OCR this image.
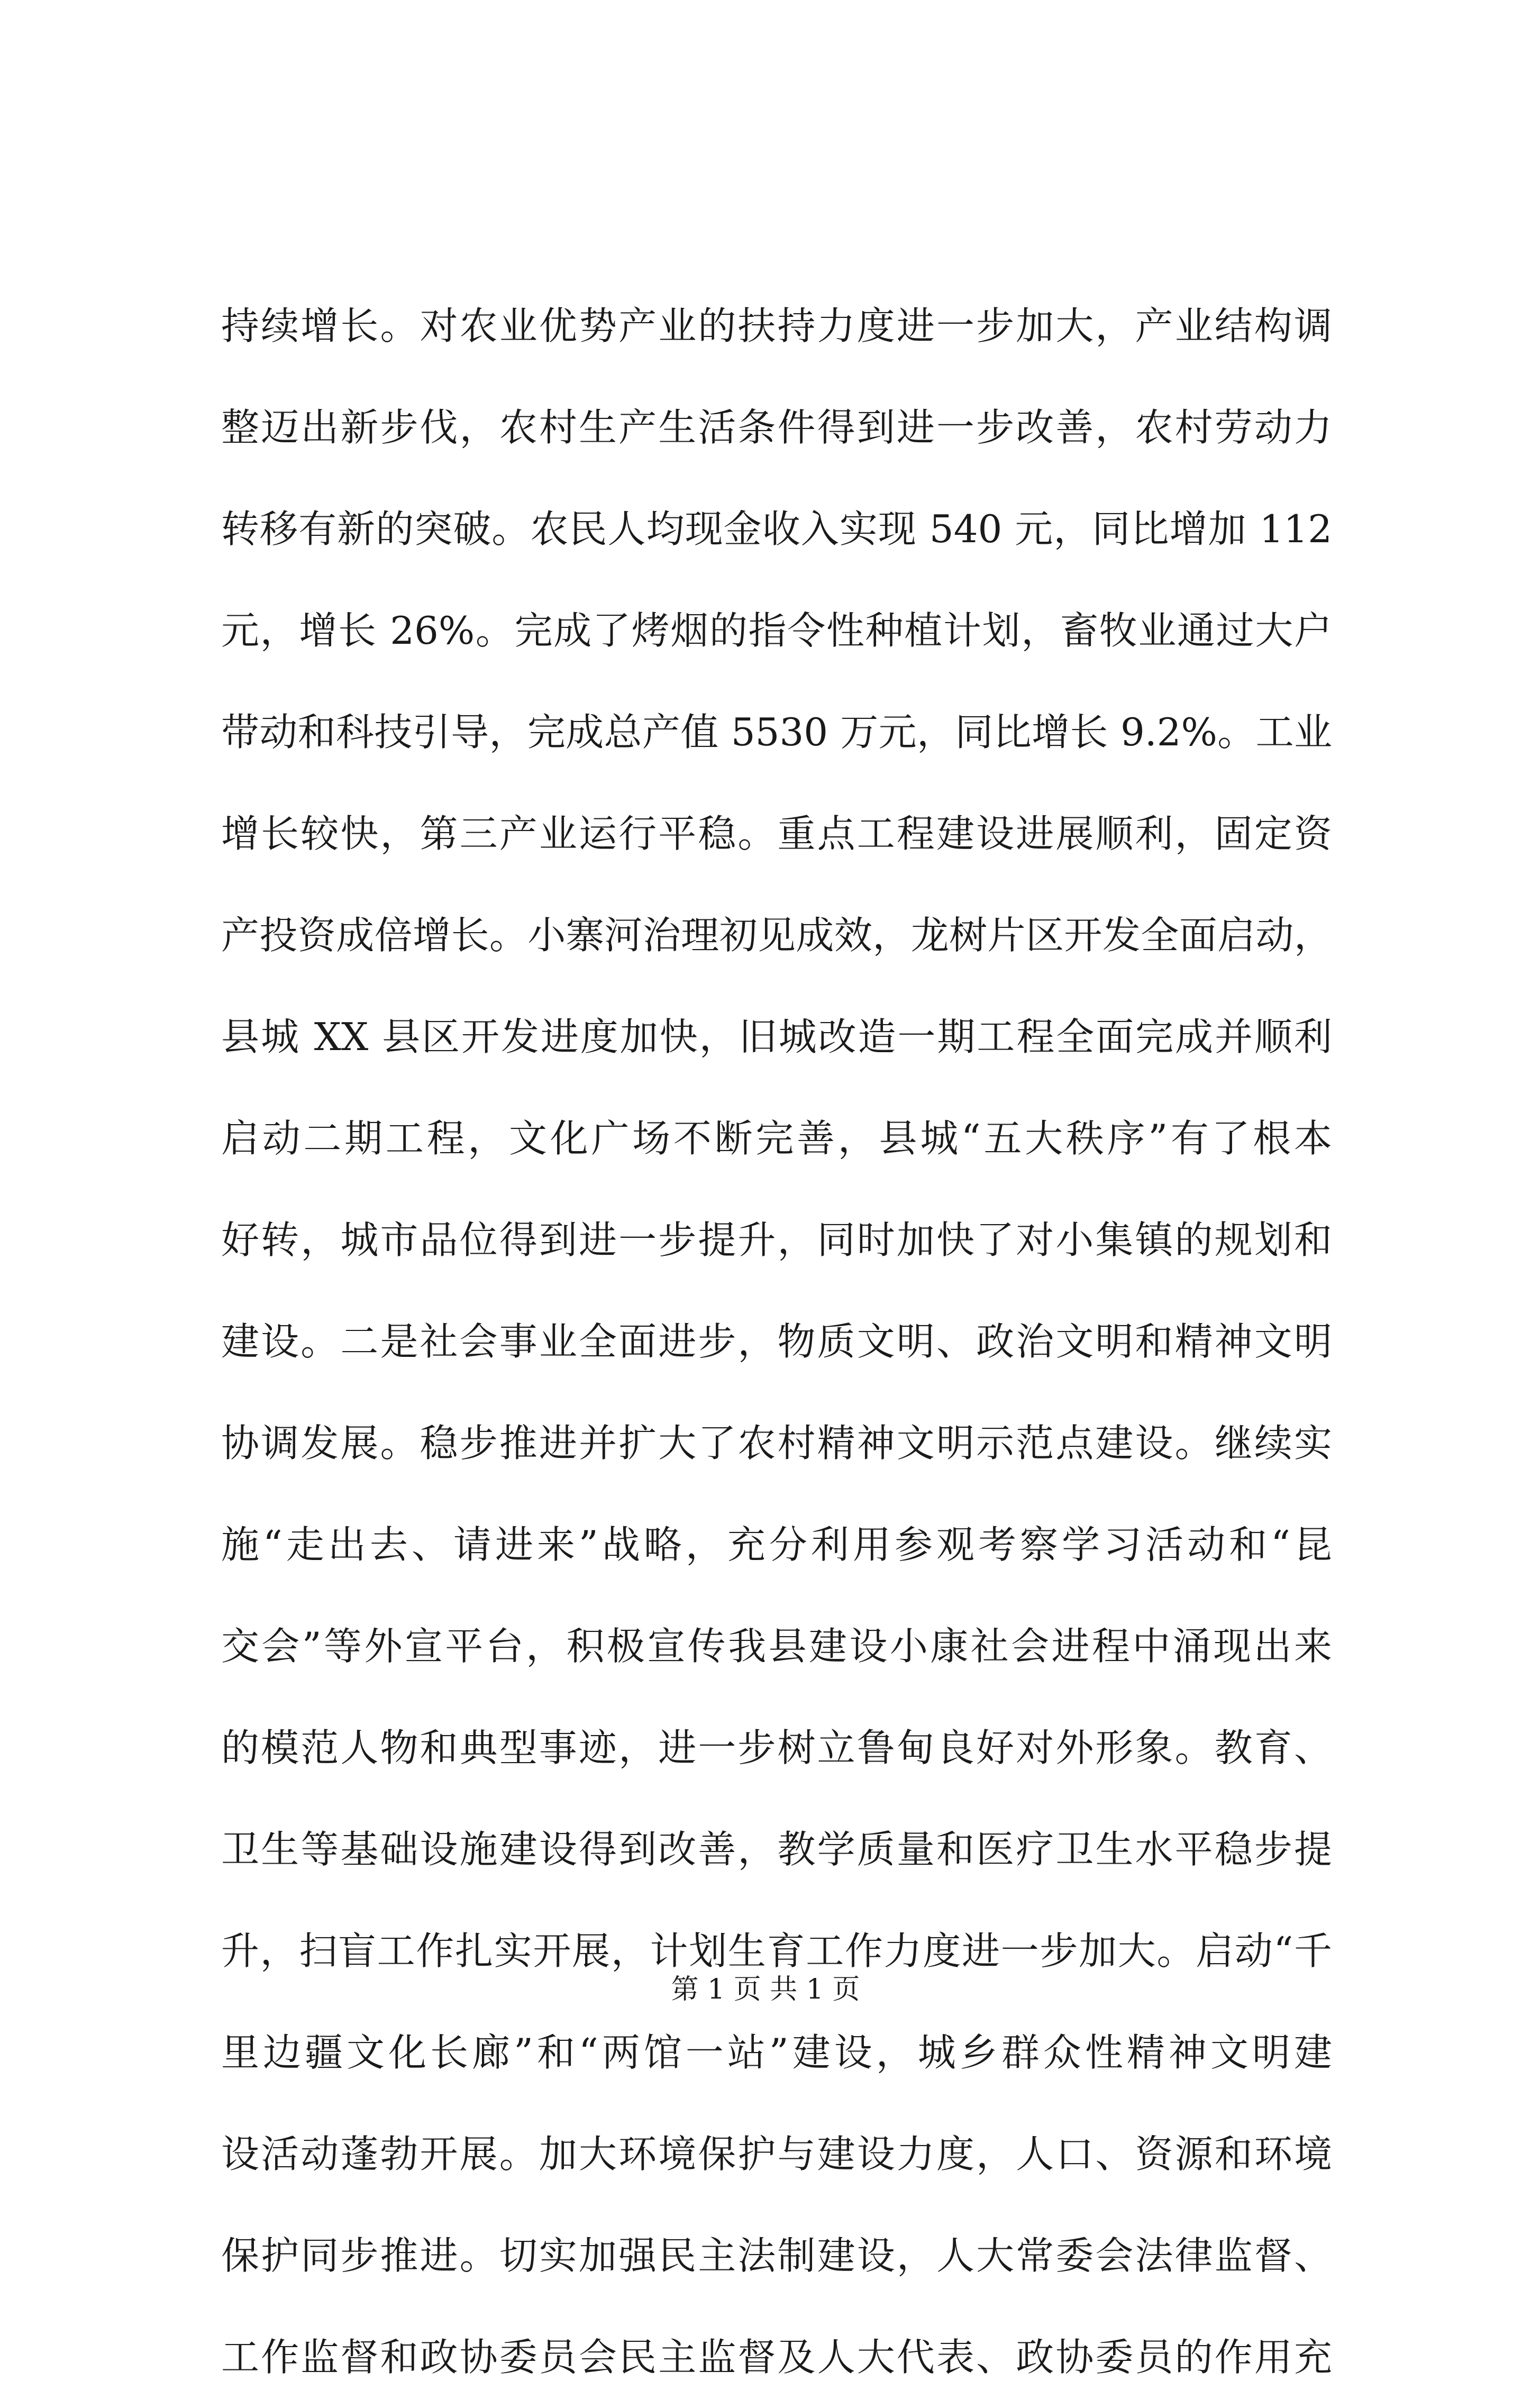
持续增长。对农业优势产业的扶持力度进一步加大，产业结构调
整迈出新步伐，农村生产生活条件得到进一步改善，农村劳动力
转移有新的突破。农民人均现金收入实现 540 元，同比增加 112
元，增长 26%。完成了烤烟的指令性种植计划，畜牧业通过大户
带动和科技引导，完成总产值 5530 万元，同比增长 9.2%。工业
增长较快，第三产业运行平稳。重点工程建设进展顺利，固定资
产投资成倍增长。小寨河治理初见成效，龙树片区开发全面启动，
县城 XX 县区开发进度加快，旧城改造一期工程全面完成并顺利
启动二期工程，文化广场不断完善，县城“五大秩序”有了根本
好转，城市品位得到进一步提升，同时加快了对小集镇的规划和
建设。二是社会事业全面进步，物质文明、政治文明和精神文明
协调发展。稳步推进并扩大了农村精神文明示范点建设。继续实
施“走出去、请进来”战略，充分利用参观考察学习活动和“昆
交会”等外宣平台，积极宣传我县建设小康社会进程中涌现出来
的模范人物和典型事迹，进一步树立鲁甸良好对外形象。教育、
卫生等基础设施建设得到改善，教学质量和医疗卫生水平稳步提
升，扫盲工作扎实开展，计划生育工作力度进一步加大。启动“千
里边疆文化长廊”和“两馆一站”建设，城乡群众性精神文明建
设活动蓬勃开展。加大环境保护与建设力度，人口、资源和环境
保护同步推进。切实加强民主法制建设，人大常委会法律监督、
工作监督和政协委员会民主监督及人大代表、政协委员的作用充
第 1 页 共 1 页
